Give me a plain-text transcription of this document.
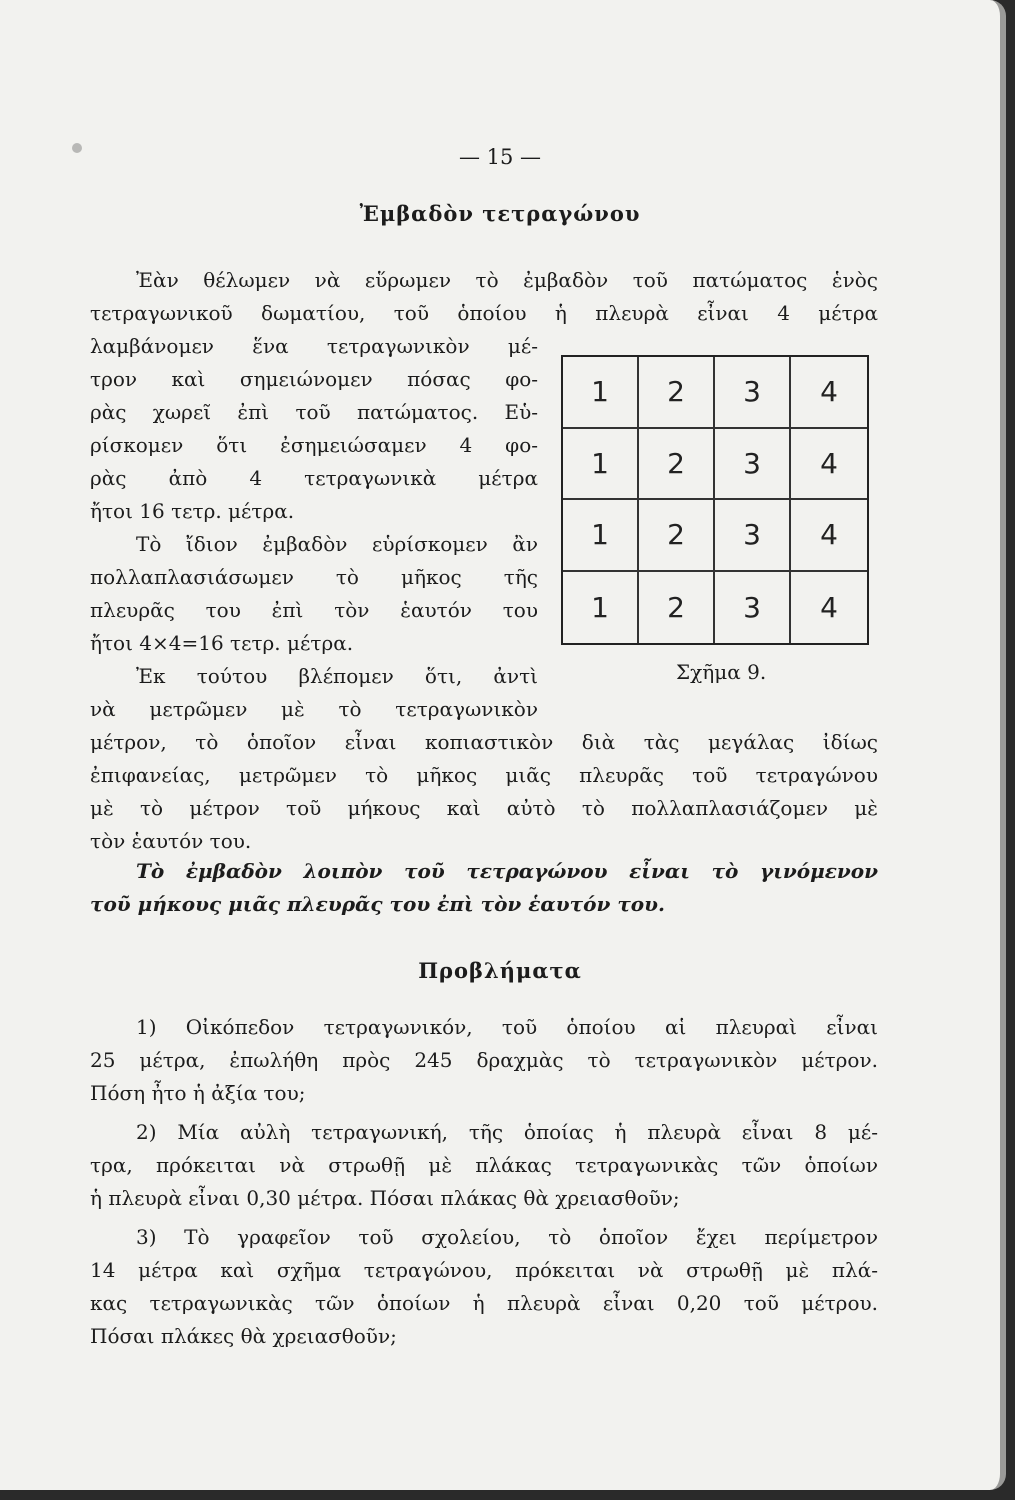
— 15 —
Ἐμβαδὸν τετραγώνου
Ἐὰν θέλωμεν νὰ εὕρωμεν τὸ ἐμβαδὸν τοῦ πατώματος ἑνὸς
τετραγωνικοῦ δωματίου, τοῦ ὁποίου ἡ πλευρὰ εἶναι 4 μέτρα
λαμβάνομεν ἕνα τετραγωνικὸν μέ-
τρον καὶ σημειώνομεν πόσας φο-
ρὰς χωρεῖ ἐπὶ τοῦ πατώματος. Εὑ-
ρίσκομεν ὅτι ἐσημειώσαμεν 4 φο-
ρὰς ἀπὸ 4 τετραγωνικὰ μέτρα
ἤτοι 16 τετρ. μέτρα.
Τὸ ἴδιον ἐμβαδὸν εὑρίσκομεν ἂν
πολλαπλασιάσωμεν τὸ μῆκος τῆς
πλευρᾶς του ἐπὶ τὸν ἑαυτόν του
ἤτοι 4×4=16 τετρ. μέτρα.
Ἐκ τούτου βλέπομεν ὅτι, ἀντὶ
νὰ μετρῶμεν μὲ τὸ τετραγωνικὸν
μέτρον, τὸ ὁποῖον εἶναι κοπιαστικὸν διὰ τὰς μεγάλας ἰδίως
ἐπιφανείας, μετρῶμεν τὸ μῆκος μιᾶς πλευρᾶς τοῦ τετραγώνου
μὲ τὸ μέτρον τοῦ μήκους καὶ αὐτὸ τὸ πολλαπλασιάζομεν μὲ
τὸν ἑαυτόν του.
Τὸ ἐμβαδὸν λοιπὸν τοῦ τετραγώνου εἶναι τὸ γινόμενον
τοῦ μήκους μιᾶς πλευρᾶς του ἐπὶ τὸν ἑαυτόν του.
1	2	3	4
1	2	3	4
1	2	3	4
1	2	3	4
Σχῆμα 9.
Προβλήματα
1) Οἰκόπεδον τετραγωνικόν, τοῦ ὁποίου αἱ πλευραὶ εἶναι
25 μέτρα, ἐπωλήθη πρὸς 245 δραχμὰς τὸ τετραγωνικὸν μέτρον.
Πόση ἦτο ἡ ἀξία του;
2) Μία αὐλὴ τετραγωνική, τῆς ὁποίας ἡ πλευρὰ εἶναι 8 μέ-
τρα, πρόκειται νὰ στρωθῇ μὲ πλάκας τετραγωνικὰς τῶν ὁποίων
ἡ πλευρὰ εἶναι 0,30 μέτρα. Πόσαι πλάκας θὰ χρειασθοῦν;
3) Τὸ γραφεῖον τοῦ σχολείου, τὸ ὁποῖον ἔχει περίμετρον
14 μέτρα καὶ σχῆμα τετραγώνου, πρόκειται νὰ στρωθῇ μὲ πλά-
κας τετραγωνικὰς τῶν ὁποίων ἡ πλευρὰ εἶναι 0,20 τοῦ μέτρου.
Πόσαι πλάκες θὰ χρειασθοῦν;
